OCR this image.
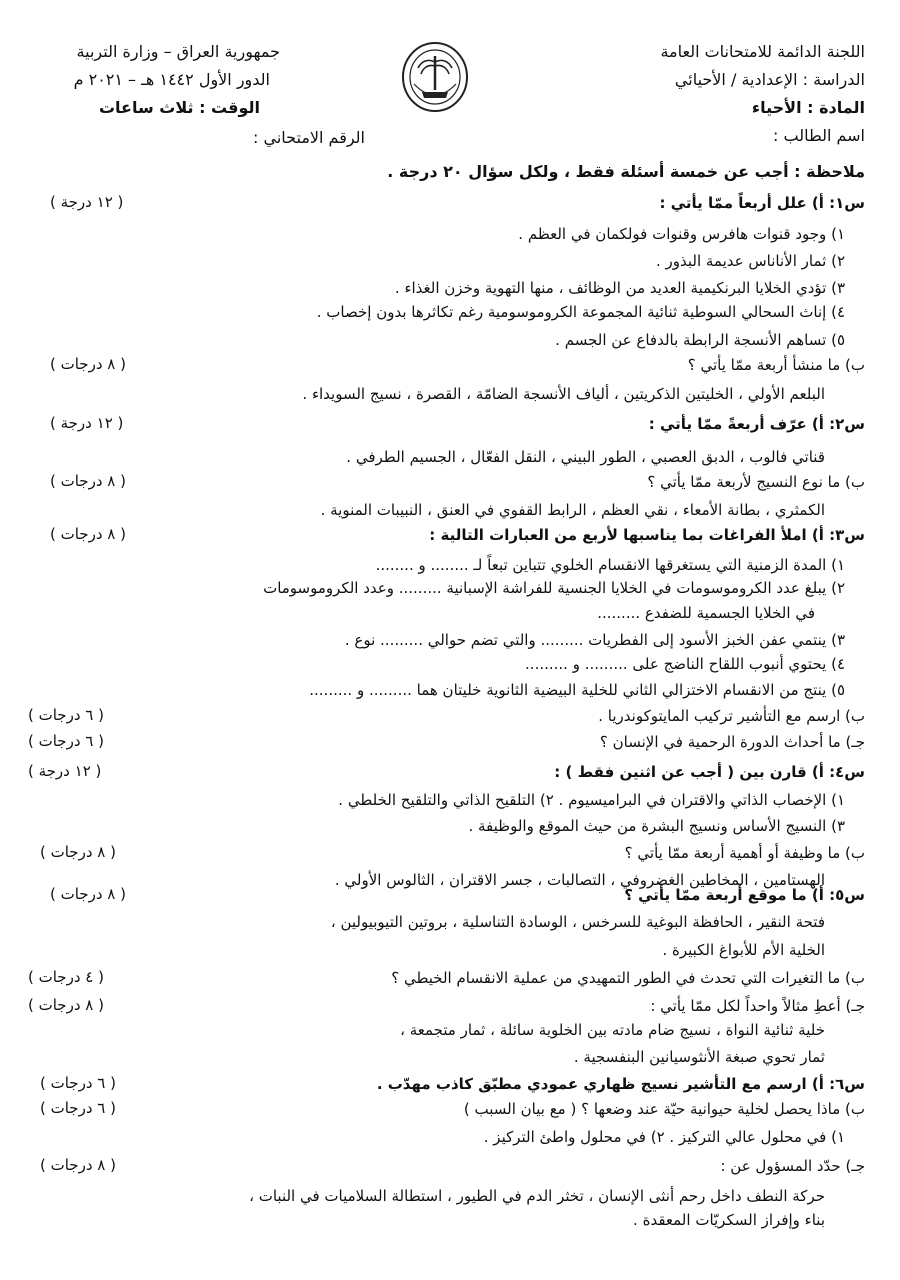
اللجنة الدائمة للامتحانات العامة
الدراسة : الإعدادية / الأحيائي
المادة : الأحياء
اسم الطالب :
جمهورية العراق – وزارة التربية
الدور الأول ١٤٤٢ هـ – ٢٠٢١ م
الوقت : ثلاث ساعات
الرقم الامتحاني :
ملاحظة : أجب عن خمسة أسئلة فقط ، ولكل سؤال ٢٠ درجة .
س١: أ) علل أربعاً ممّا يأتي :
( ١٢ درجة )
١) وجود قنوات هافرس وقنوات فولكمان في العظم .
٢) ثمار الأناناس عديمة البذور .
٣) تؤدي الخلايا البرنكيمية العديد من الوظائف ، منها التهوية وخزن الغذاء .
٤) إناث السحالي السوطية ثنائية المجموعة الكروموسومية رغم تكاثرها بدون إخصاب .
٥) تساهم الأنسجة الرابطة بالدفاع عن الجسم .
ب) ما منشأ أربعة ممّا يأتي ؟
( ٨ درجات )
البلعم الأولي ، الخليتين الذكريتين ، ألياف الأنسجة الضامّة ، القصرة ، نسيج السويداء .
س٢: أ) عرّف أربعةً ممّا يأتي :
( ١٢ درجة )
قناتي فالوب ، الدبق العصبي ، الطور البيني ، النقل الفعّال ، الجسيم الطرفي .
ب) ما نوع النسيج لأربعة ممّا يأتي ؟
( ٨ درجات )
الكمثري ، بطانة الأمعاء ، نقي العظم ، الرابط القفوي في العنق ، النبيبات المنوية .
س٣: أ) املأ الفراغات بما يناسبها لأربع من العبارات التالية :
( ٨ درجات )
١) المدة الزمنية التي يستغرقها الانقسام الخلوي تتباين تبعاً لـ ........ و ........
٢) يبلغ عدد الكروموسومات في الخلايا الجنسية للفراشة الإسبانية ......... وعدد الكروموسومات
في الخلايا الجسمية للضفدع .........
٣) ينتمي عفن الخبز الأسود إلى الفطريات ......... والتي تضم حوالي ......... نوع .
٤) يحتوي أنبوب اللقاح الناضج على ......... و .........
٥) ينتج من الانقسام الاختزالي الثاني للخلية البيضية الثانوية خليتان هما ......... و .........
ب) ارسم مع التأشير تركيب المايتوكوندريا .
( ٦ درجات )
جـ) ما أحداث الدورة الرحمية في الإنسان ؟
( ٦ درجات )
س٤: أ) قارن بين ( أجب عن اثنين فقط ) :
( ١٢ درجة )
١) الإخصاب الذاتي والاقتران في البراميسيوم . ٢) التلقيح الذاتي والتلقيح الخلطي .
٣) النسيج الأساس ونسيج البشرة من حيث الموقع والوظيفة .
ب) ما وظيفة أو أهمية أربعة ممّا يأتي ؟
( ٨ درجات )
الهستامين ، المخاطين الغضروفي ، التصالبات ، جسر الاقتران ، الثالوس الأولي .
س٥: أ) ما موقع أربعة ممّا يأتي ؟
( ٨ درجات )
فتحة النقير ، الحافظة البوغية للسرخس ، الوسادة التناسلية ، بروتين التيوبيولين ،
الخلية الأم للأبواغ الكبيرة .
ب) ما التغيرات التي تحدث في الطور التمهيدي من عملية الانقسام الخيطي ؟
( ٤ درجات )
جـ) أعطِ مثالاً واحداً لكل ممّا يأتي :
( ٨ درجات )
خلية ثنائية النواة ، نسيج ضام مادته بين الخلوية سائلة ، ثمار متجمعة ،
ثمار تحوي صبغة الأنثوسيانين البنفسجية .
س٦: أ) ارسم مع التأشير نسيج ظهاري عمودي مطبّق كاذب مهدّب .
( ٦ درجات )
ب) ماذا يحصل لخلية حيوانية حيّة عند وضعها ؟ ( مع بيان السبب )
( ٦ درجات )
١) في محلول عالي التركيز . ٢) في محلول واطئ التركيز .
جـ) حدّد المسؤول عن :
( ٨ درجات )
حركة النطف داخل رحم أنثى الإنسان ، تخثر الدم في الطيور ، استطالة السلاميات في النبات ،
بناء وإفراز السكريّات المعقدة .
